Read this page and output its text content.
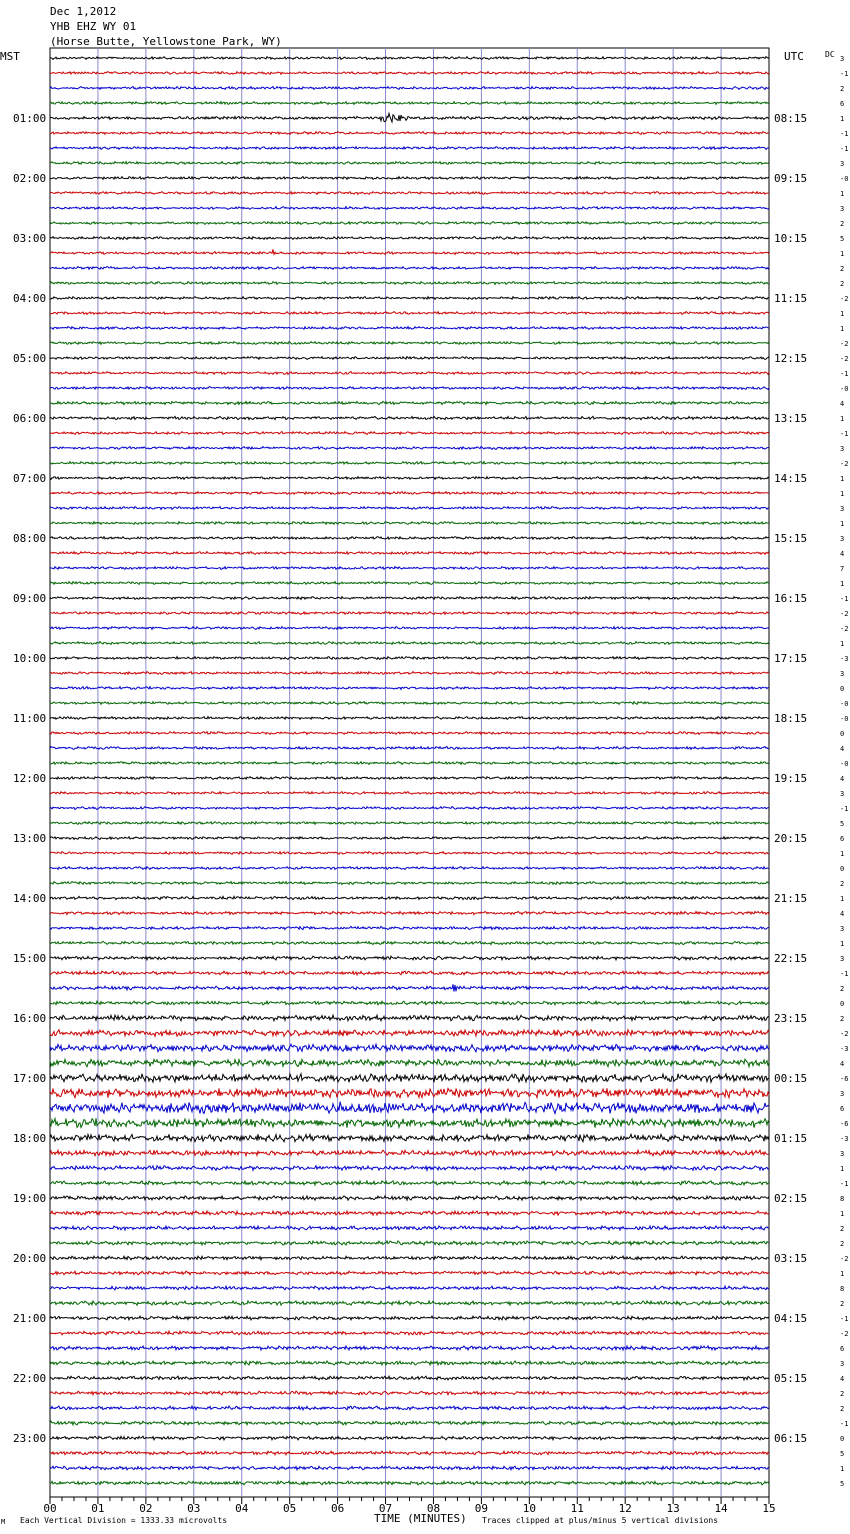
3
-1
2
6
1
-1
-1
3
-0
1
3
2
5
1
2
2
-2
1
1
-2
-2
-1
-0
4
1
-1
3
-2
1
1
3
1
3
4
7
1
-1
-2
-2
1
-3
3
0
-0
-0
0
4
-0
4
3
-1
5
6
1
0
2
1
4
3
1
3
-1
2
0
2
-2
-3
4
-6
3
6
-6
-3
3
1
-1
8
1
2
2
-2
1
8
2
-1
-2
6
3
4
2
2
-1
0
5
1
5
01:00
02:00
03:00
04:00
05:00
06:00
07:00
08:00
09:00
10:00
11:00
12:00
13:00
14:00
15:00
16:00
17:00
18:00
19:00
20:00
21:00
22:00
23:00
08:15
09:15
10:15
11:15
12:15
13:15
14:15
15:15
16:15
17:15
18:15
19:15
20:15
21:15
22:15
23:15
00:15
01:15
02:15
03:15
04:15
05:15
06:15
00	01	02	03	04	05	06	07	08	09	10	11	12	13	14	15
Dec 1,2012
YHB EHZ WY 01
(Horse Butte, Yellowstone Park, WY)
MST	UTC	DC
M Each Vertical Division = 1333.33 microvolts	TIME (MINUTES) Traces clipped at plus/minus 5 vertical divisions
